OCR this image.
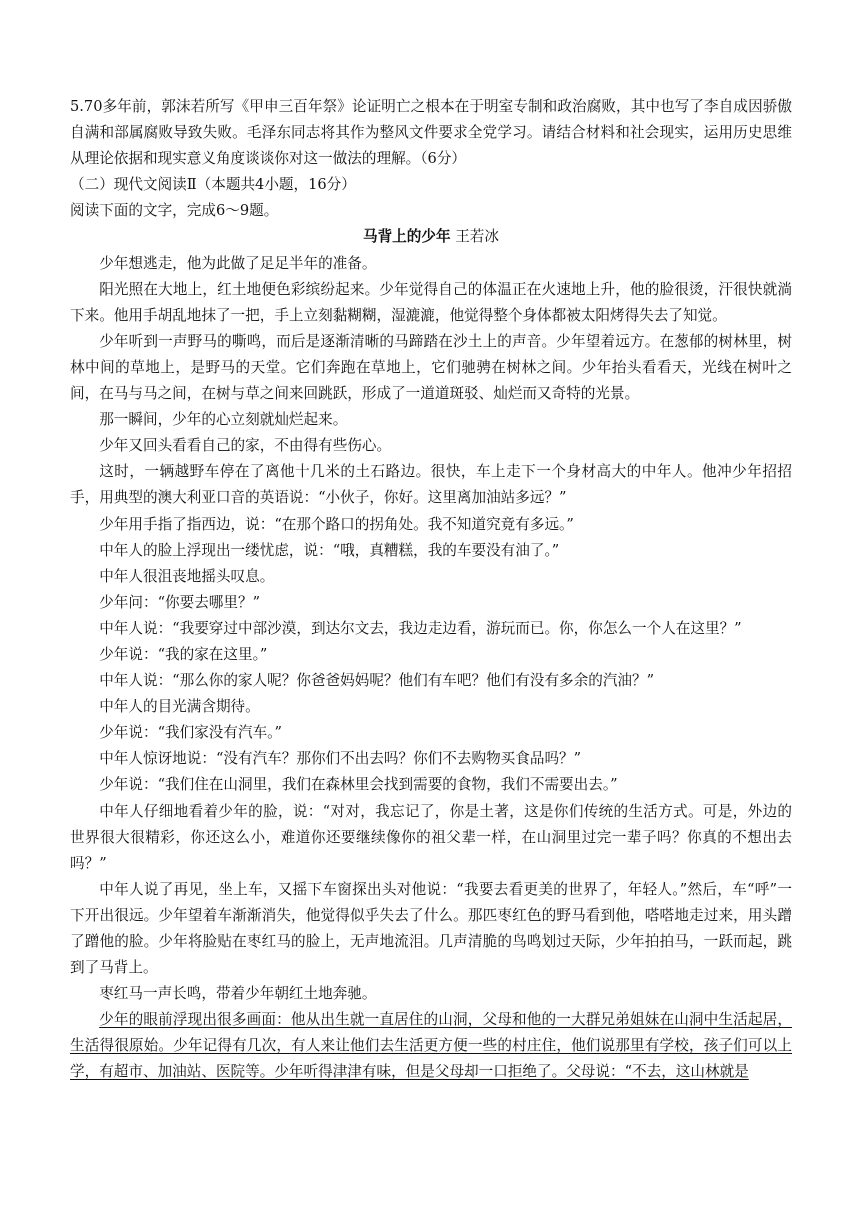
5.70多年前，郭沫若所写《甲申三百年祭》论证明亡之根本在于明室专制和政治腐败，其中也写了李自成因骄傲自满和部属腐败导致失败。毛泽东同志将其作为整风文件要求全党学习。请结合材料和社会现实，运用历史思维从理论依据和现实意义角度谈谈你对这一做法的理解。（6分）

（二）现代文阅读Ⅱ（本题共4小题，16分）

阅读下面的文字，完成6～9题。

马背上的少年 王若冰

少年想逃走，他为此做了足足半年的准备。

阳光照在大地上，红土地便色彩缤纷起来。少年觉得自己的体温正在火速地上升，他的脸很烫，汗很快就淌下来。他用手胡乱地抹了一把，手上立刻黏糊糊，湿漉漉，他觉得整个身体都被太阳烤得失去了知觉。

少年听到一声野马的嘶鸣，而后是逐渐清晰的马蹄踏在沙土上的声音。少年望着远方。在葱郁的树林里，树林中间的草地上，是野马的天堂。它们奔跑在草地上，它们驰骋在树林之间。少年抬头看看天，光线在树叶之间，在马与马之间，在树与草之间来回跳跃，形成了一道道斑驳、灿烂而又奇特的光景。

那一瞬间，少年的心立刻就灿烂起来。

少年又回头看看自己的家，不由得有些伤心。

这时，一辆越野车停在了离他十几米的土石路边。很快，车上走下一个身材高大的中年人。他冲少年招招手，用典型的澳大利亚口音的英语说：“小伙子，你好。这里离加油站多远？”

少年用手指了指西边，说：“在那个路口的拐角处。我不知道究竟有多远。”

中年人的脸上浮现出一缕忧虑，说：“哦，真糟糕，我的车要没有油了。”

中年人很沮丧地摇头叹息。

少年问：“你要去哪里？”

中年人说：“我要穿过中部沙漠，到达尔文去，我边走边看，游玩而已。你，你怎么一个人在这里？”

少年说：“我的家在这里。”

中年人说：“那么你的家人呢？你爸爸妈妈呢？他们有车吧？他们有没有多余的汽油？”

中年人的目光满含期待。

少年说：“我们家没有汽车。”

中年人惊讶地说：“没有汽车？那你们不出去吗？你们不去购物买食品吗？”

少年说：“我们住在山洞里，我们在森林里会找到需要的食物，我们不需要出去。”

中年人仔细地看着少年的脸，说：“对对，我忘记了，你是土著，这是你们传统的生活方式。可是，外边的世界很大很精彩，你还这么小，难道你还要继续像你的祖父辈一样，在山洞里过完一辈子吗？你真的不想出去吗？”

中年人说了再见，坐上车，又摇下车窗探出头对他说：“我要去看更美的世界了，年轻人。”然后，车“呼”一下开出很远。少年望着车渐渐消失，他觉得似乎失去了什么。那匹枣红色的野马看到他，嗒嗒地走过来，用头蹭了蹭他的脸。少年将脸贴在枣红马的脸上，无声地流泪。几声清脆的鸟鸣划过天际，少年拍拍马，一跃而起，跳到了马背上。

枣红马一声长鸣，带着少年朝红土地奔驰。

少年的眼前浮现出很多画面：他从出生就一直居住的山洞，父母和他的一大群兄弟姐妹在山洞中生活起居，生活得很原始。少年记得有几次，有人来让他们去生活更方便一些的村庄住，他们说那里有学校，孩子们可以上学，有超市、加油站、医院等。少年听得津津有味，但是父母却一口拒绝了。父母说：“不去，这山林就是
